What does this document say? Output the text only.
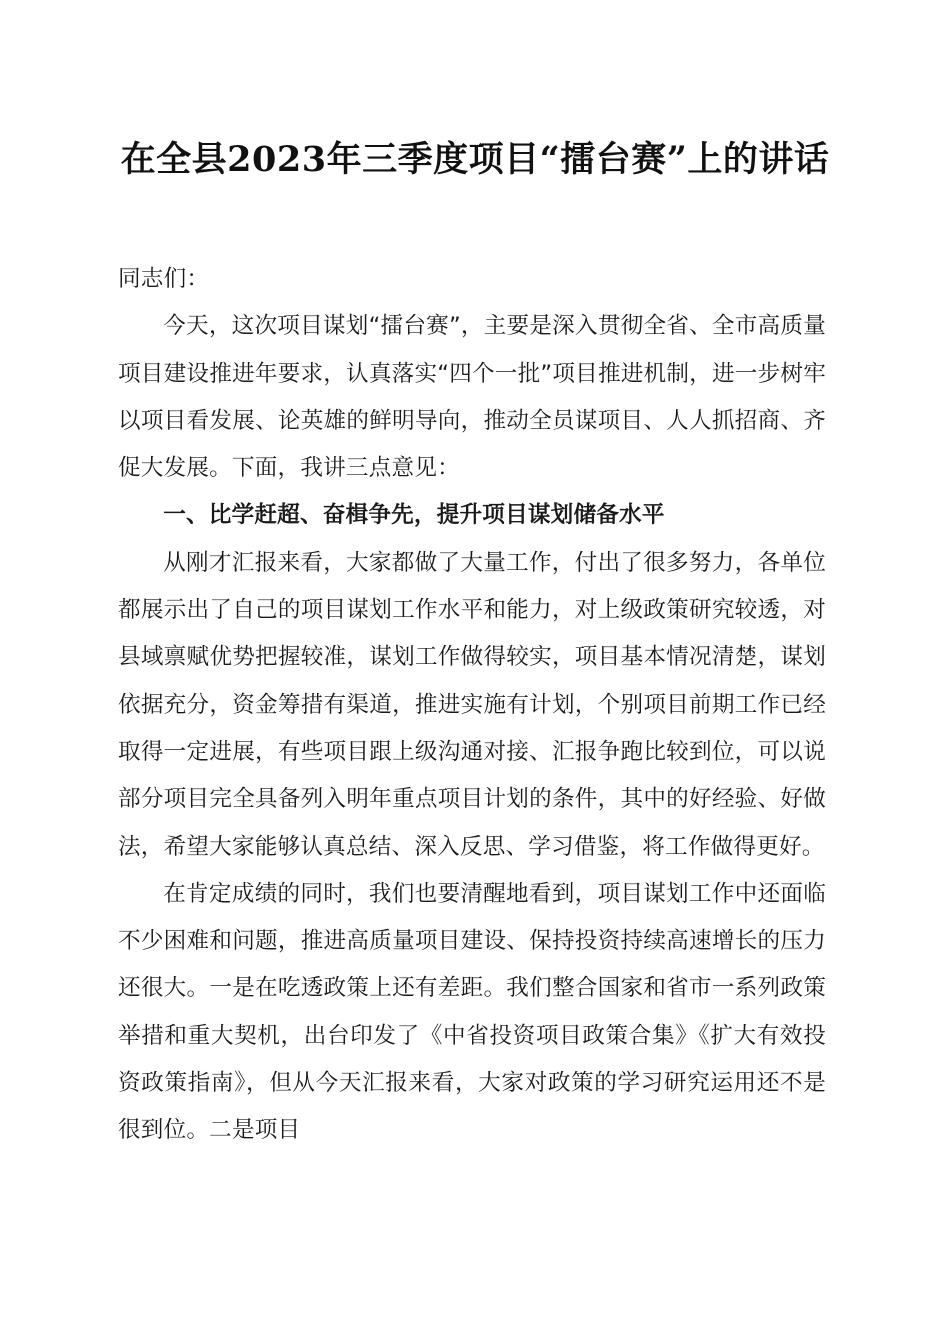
在全县2023年三季度项目“擂台赛”上的讲话

同志们：

今天，这次项目谋划“擂台赛”，主要是深入贯彻全省、全市高质量项目建设推进年要求，认真落实“四个一批”项目推进机制，进一步树牢以项目看发展、论英雄的鲜明导向，推动全员谋项目、人人抓招商、齐促大发展。下面，我讲三点意见：

一、比学赶超、奋楫争先，提升项目谋划储备水平

从刚才汇报来看，大家都做了大量工作，付出了很多努力，各单位都展示出了自己的项目谋划工作水平和能力，对上级政策研究较透，对县域禀赋优势把握较准，谋划工作做得较实，项目基本情况清楚，谋划依据充分，资金筹措有渠道，推进实施有计划，个别项目前期工作已经取得一定进展，有些项目跟上级沟通对接、汇报争跑比较到位，可以说部分项目完全具备列入明年重点项目计划的条件，其中的好经验、好做法，希望大家能够认真总结、深入反思、学习借鉴，将工作做得更好。

在肯定成绩的同时，我们也要清醒地看到，项目谋划工作中还面临不少困难和问题，推进高质量项目建设、保持投资持续高速增长的压力还很大。一是在吃透政策上还有差距。我们整合国家和省市一系列政策举措和重大契机，出台印发了《中省投资项目政策合集》《扩大有效投资政策指南》，但从今天汇报来看，大家对政策的学习研究运用还不是很到位。二是项目
